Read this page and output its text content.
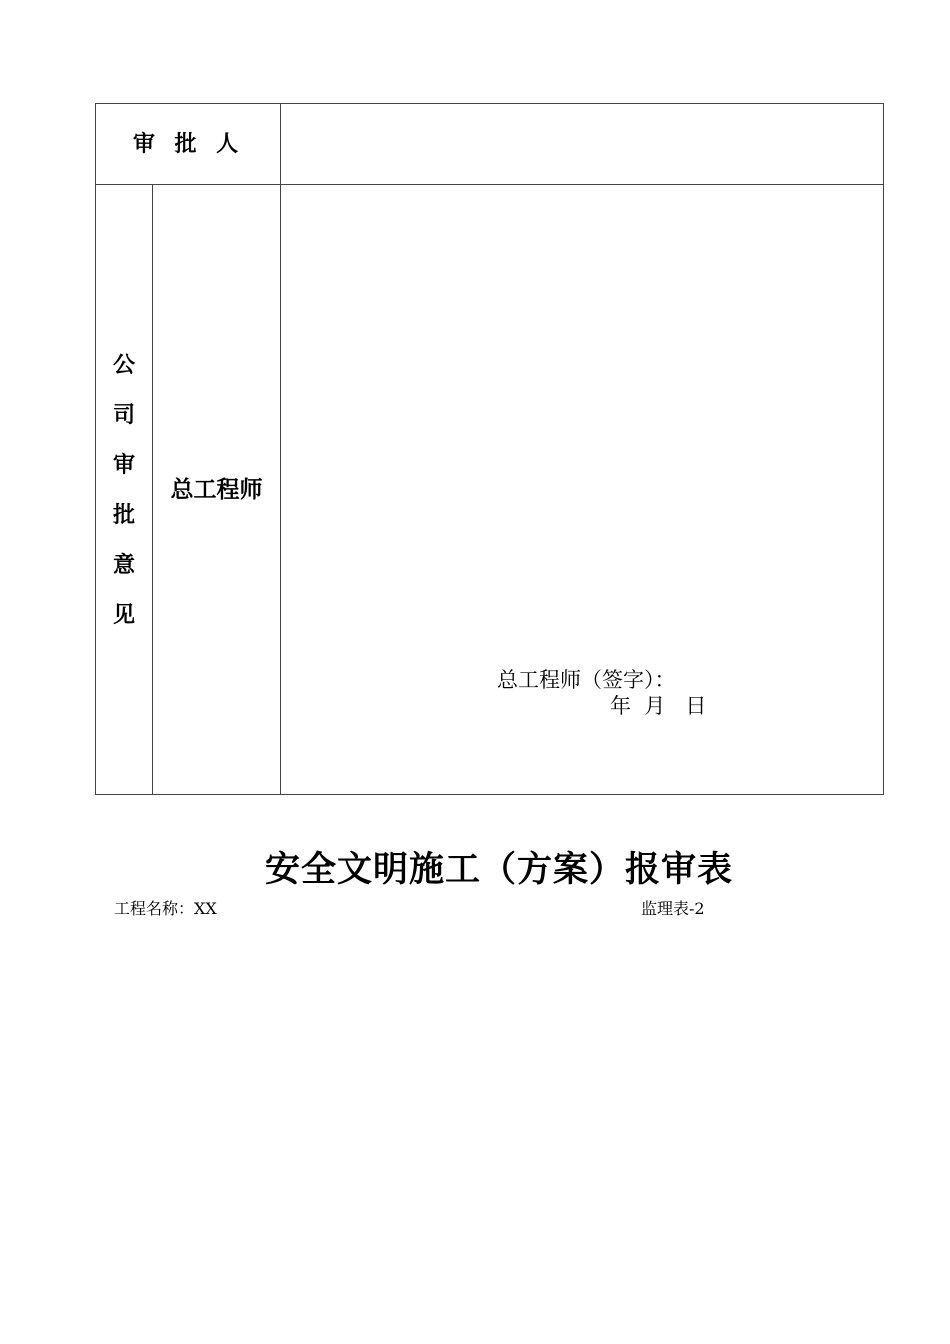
审 批 人
公
司
审
批
意
见
总工程师
总工程师（签字）：
年  月   日
安全文明施工（方案）报审表
工程名称：XX	监理表-2
